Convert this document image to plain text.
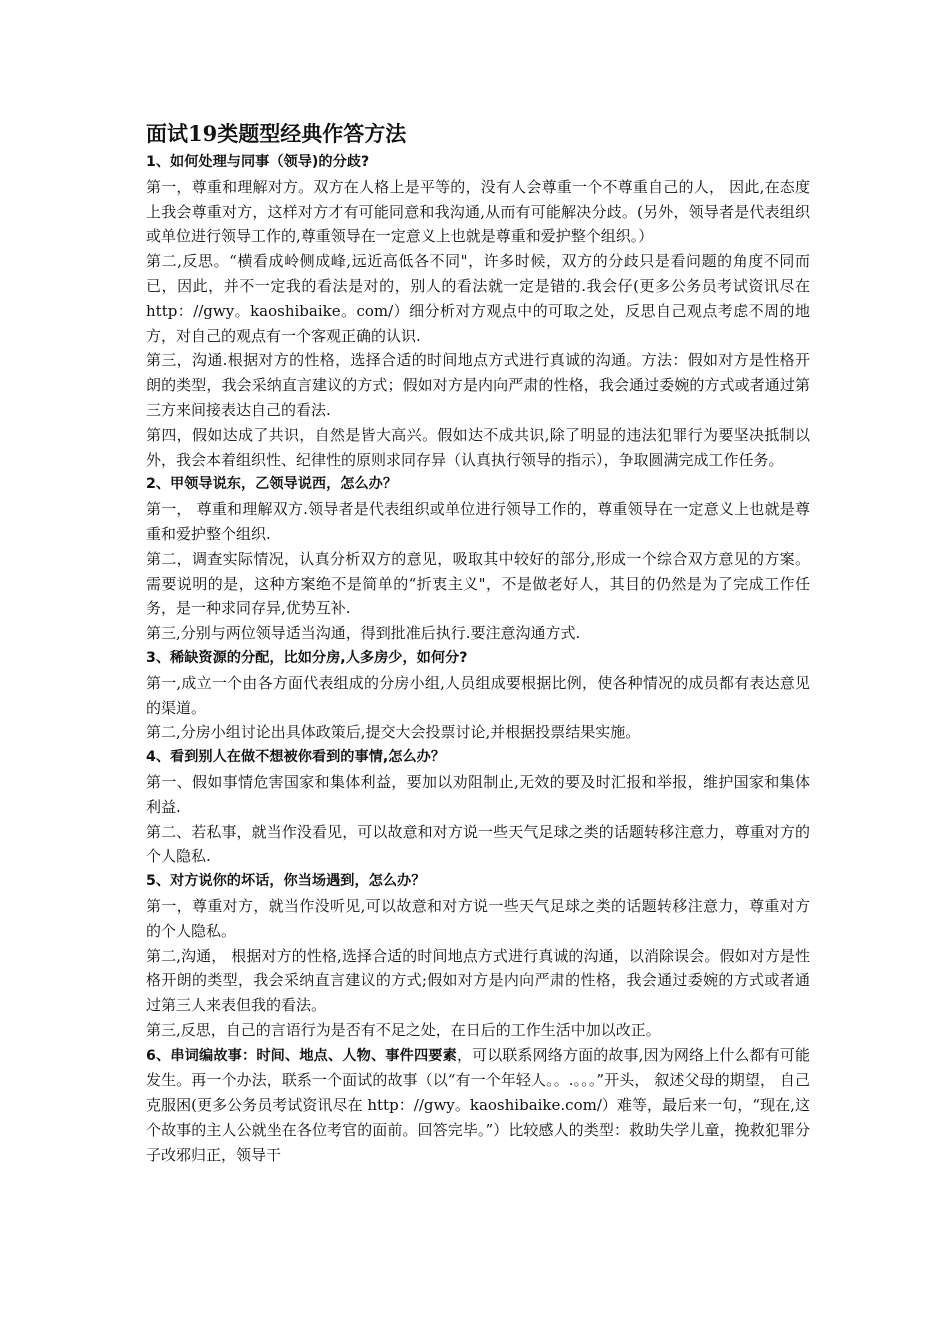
面试19类题型经典作答方法

1、如何处理与同事（领导)的分歧?

第一，尊重和理解对方。双方在人格上是平等的，没有人会尊重一个不尊重自己的人， 因此,在态度上我会尊重对方，这样对方才有可能同意和我沟通,从而有可能解决分歧。(另外，领导者是代表组织或单位进行领导工作的,尊重领导在一定意义上也就是尊重和爱护整个组织。）

第二,反思。“横看成岭侧成峰,远近高低各不同"，许多时候，双方的分歧只是看问题的角度不同而已，因此，并不一定我的看法是对的，别人的看法就一定是错的.我会仔(更多公务员考试资讯尽在 http：//gwy。kaoshibaike。com/）细分析对方观点中的可取之处，反思自己观点考虑不周的地方，对自己的观点有一个客观正确的认识.

第三，沟通.根据对方的性格，选择合适的时间地点方式进行真诚的沟通。方法：假如对方是性格开朗的类型，我会采纳直言建议的方式；假如对方是内向严肃的性格，我会通过委婉的方式或者通过第三方来间接表达自己的看法.

第四，假如达成了共识，自然是皆大高兴。假如达不成共识,除了明显的违法犯罪行为要坚决抵制以外，我会本着组织性、纪律性的原则求同存异（认真执行领导的指示），争取圆满完成工作任务。

2、甲领导说东，乙领导说西，怎么办？

第一， 尊重和理解双方.领导者是代表组织或单位进行领导工作的，尊重领导在一定意义上也就是尊重和爱护整个组织.

第二，调查实际情况，认真分析双方的意见，吸取其中较好的部分,形成一个综合双方意见的方案。需要说明的是，这种方案绝不是简单的“折衷主义"，不是做老好人，其目的仍然是为了完成工作任务，是一种求同存异,优势互补.

第三,分别与两位领导适当沟通，得到批准后执行.要注意沟通方式.

3、稀缺资源的分配，比如分房,人多房少，如何分?

第一,成立一个由各方面代表组成的分房小组,人员组成要根据比例，使各种情况的成员都有表达意见的渠道。

第二,分房小组讨论出具体政策后,提交大会投票讨论,并根据投票结果实施。

4、看到别人在做不想被你看到的事情,怎么办？

第一、假如事情危害国家和集体利益，要加以劝阻制止,无效的要及时汇报和举报，维护国家和集体利益.

第二、若私事，就当作没看见，可以故意和对方说一些天气足球之类的话题转移注意力，尊重对方的个人隐私.

5、对方说你的坏话，你当场遇到，怎么办？

第一，尊重对方，就当作没听见,可以故意和对方说一些天气足球之类的话题转移注意力，尊重对方的个人隐私。

第二,沟通， 根据对方的性格,选择合适的时间地点方式进行真诚的沟通，以消除误会。假如对方是性格开朗的类型，我会采纳直言建议的方式;假如对方是内向严肃的性格，我会通过委婉的方式或者通过第三人来表但我的看法。

第三,反思，自己的言语行为是否有不足之处，在日后的工作生活中加以改正。

6、串词编故事：时间、地点、人物、事件四要素，可以联系网络方面的故事,因为网络上什么都有可能发生。再一个办法，联系一个面试的故事（以“有一个年轻人。。.。。。”开头， 叙述父母的期望， 自己克服困(更多公务员考试资讯尽在 http：//gwy。kaoshibaike.com/）难等，最后来一句，“现在,这个故事的主人公就坐在各位考官的面前。回答完毕。”）比较感人的类型：救助失学儿童，挽救犯罪分子改邪归正，领导干
